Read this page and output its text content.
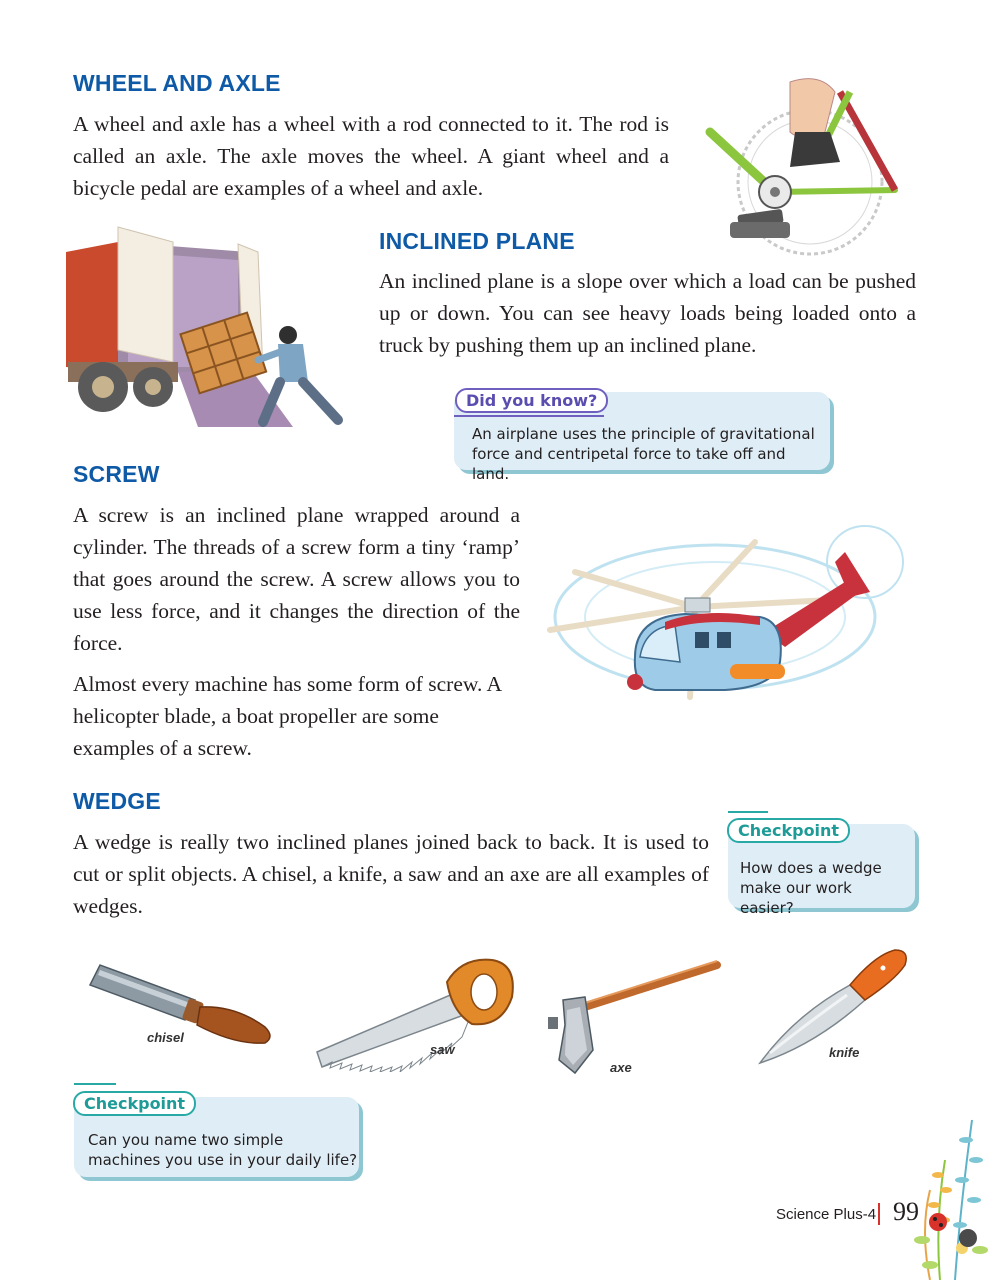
WHEEL AND AXLE
A wheel and axle has a wheel with a rod connected to it. The rod is called an axle. The axle moves the wheel. A giant wheel and a bicycle pedal are examples of a wheel and axle.
INCLINED PLANE
An inclined plane is a slope over which a load can be pushed up or down. You can see heavy loads being loaded onto a truck by pushing them up an inclined plane.
An airplane uses the principle of gravitational force and centripetal force to take off and land.
Did you know?
SCREW
A screw is an inclined plane wrapped around a cylinder. The threads of a screw form a tiny ‘ramp’ that goes around the screw. A screw allows you to use less force, and it changes the direction of the force.
Almost every machine has some form of screw. A helicopter blade, a boat propeller are some examples of a screw.
WEDGE
A wedge is really two inclined planes joined back to back. It is used to cut or split objects. A chisel, a knife, a saw and an axe are all examples of wedges.
How does a wedge make our work easier?
Checkpoint
chisel
saw
axe
knife
Can you name two simple machines you use in your daily life?
Checkpoint
Science Plus-4 99
